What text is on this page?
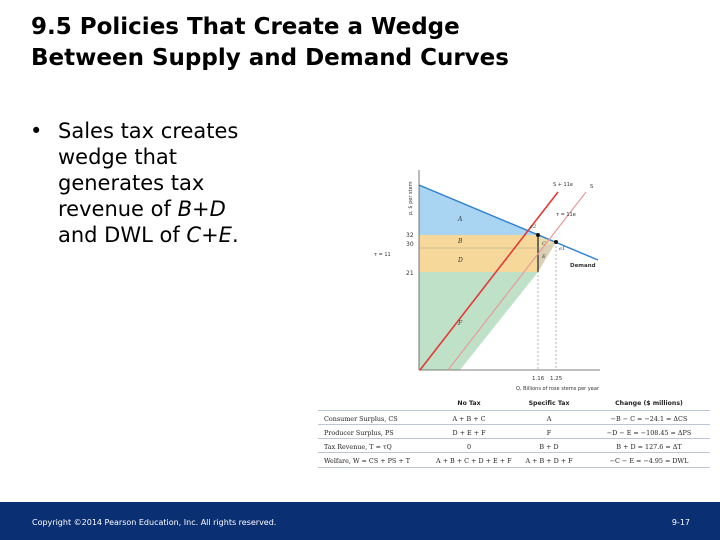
9.5 Policies That Create a Wedge
Between Supply and Demand Curves
• Sales tax creates
wedge that
generates tax
revenue of B+D
and DWL of C+E.
p, $ per stem
32
30
21
τ = 11
A
B	C
D	E
F
S + 11e	S
τ = 11e
Demand
e2
e1
1.16 1.25
Q, Billions of rose stems per year
No Tax	Specific Tax	Change ($ millions)
Consumer Surplus, CS	A + B + C	A	−B − C = −24.1 = ΔCS
Producer Surplus, PS	D + E + F	F	−D − E = −108.45 = ΔPS
Tax Revenue, T = τQ	0	B + D	B + D = 127.6 = ΔT
Welfare, W = CS + PS + T	A + B + C + D + E + F	A + B + D + F	−C − E = −4.95 = DWL
Copyright ©2014 Pearson Education, Inc. All rights reserved.	9-17
